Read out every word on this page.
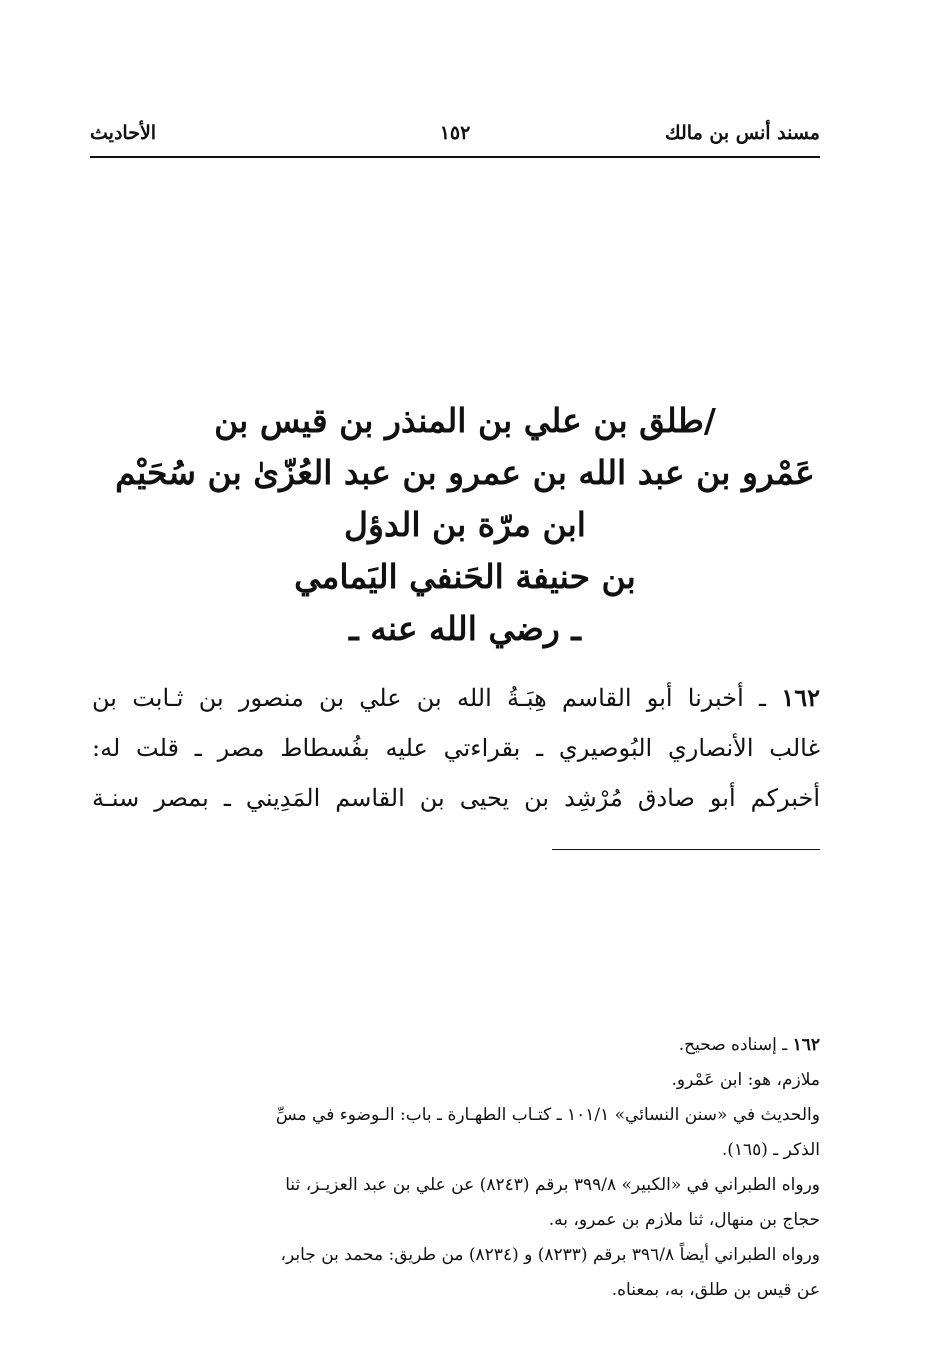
مسند أنس بن مالك
١٥٢
الأحاديث
/طلق بن علي بن المنذر بن قيس بن
عَمْرو بن عبد الله بن عمرو بن عبد العُزّىٰ بن سُحَيْم
ابن مرّة بن الدؤل
بن حنيفة الحَنفي اليَمامي
ـ رضي الله عنه ـ
١٦٢ ـ أخبرنا أبو القاسم هِبَـةُ الله بن علي بن منصور بن ثـابت بن
غالب الأنصاري البُوصيري ـ بقراءتي عليه بفُسطاط مصر ـ قلت له:
أخبركم أبو صادق مُرْشِد بن يحيى بن القاسم المَدِيني ـ بمصر سنـة
١٦٢ ـ إسناده صحيح.
ملازم، هو: ابن عَمْرو.
والحديث في «سنن النسائي» ١٠١/١ ـ كتـاب الطهـارة ـ باب: الـوضوء في مسِّ
الذكر ـ (١٦٥).
ورواه الطبراني في «الكبير» ٣٩٩/٨ برقم (٨٢٤٣) عن علي بن عبد العزيـز، ثنا
حجاج بن منهال، ثنا ملازم بن عمرو، به.
ورواه الطبراني أيضاً ٣٩٦/٨ برقم (٨٢٣٣) و (٨٢٣٤) من طريق: محمد بن جابر،
عن قيس بن طلق، به، بمعناه.
